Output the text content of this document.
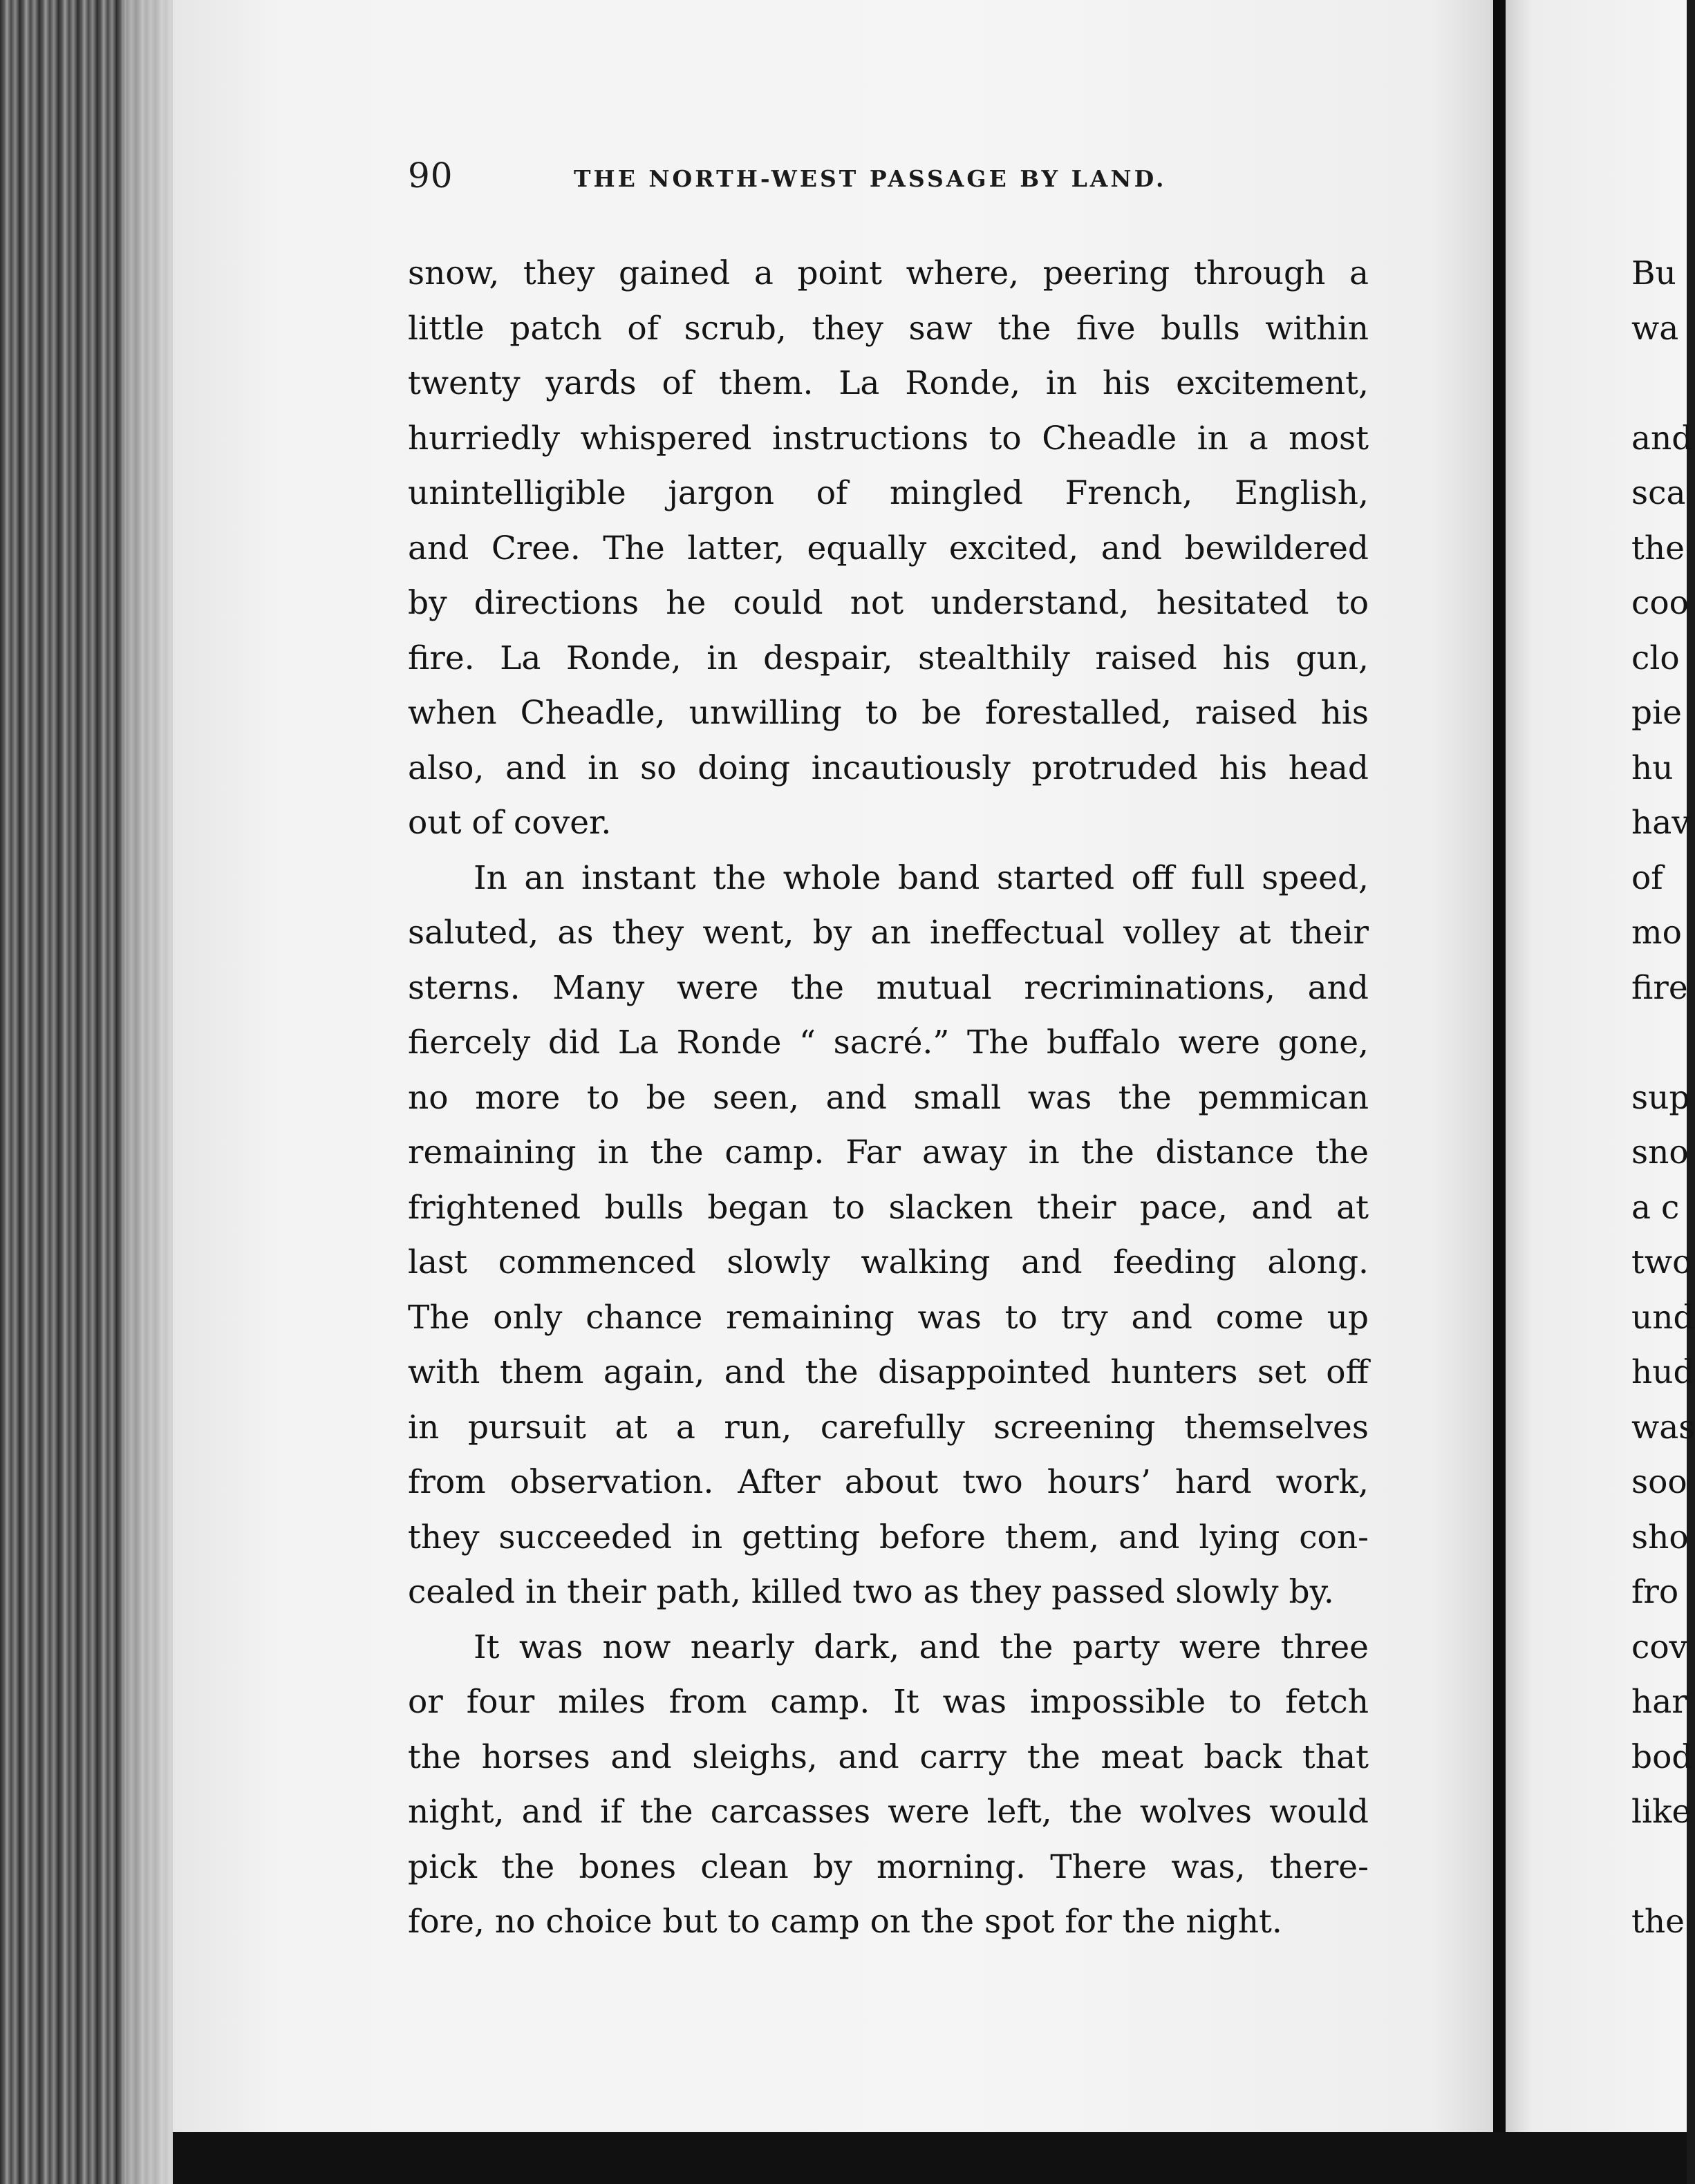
90	THE NORTH-WEST PASSAGE BY LAND.
snow, they gained a point where, peering through a
little patch of scrub, they saw the five bulls within
twenty yards of them. La Ronde, in his excitement,
hurriedly whispered instructions to Cheadle in a most
unintelligible jargon of mingled French, English,
and Cree. The latter, equally excited, and bewildered
by directions he could not understand, hesitated to
fire. La Ronde, in despair, stealthily raised his gun,
when Cheadle, unwilling to be forestalled, raised his
also, and in so doing incautiously protruded his head
out of cover.
In an instant the whole band started off full speed,
saluted, as they went, by an ineffectual volley at their
sterns. Many were the mutual recriminations, and
fiercely did La Ronde “ sacré.” The buffalo were gone,
no more to be seen, and small was the pemmican
remaining in the camp. Far away in the distance the
frightened bulls began to slacken their pace, and at
last commenced slowly walking and feeding along.
The only chance remaining was to try and come up
with them again, and the disappointed hunters set off
in pursuit at a run, carefully screening themselves
from observation. After about two hours’ hard work,
they succeeded in getting before them, and lying con-
cealed in their path, killed two as they passed slowly by.
It was now nearly dark, and the party were three
or four miles from camp. It was impossible to fetch
the horses and sleighs, and carry the meat back that
night, and if the carcasses were left, the wolves would
pick the bones clean by morning. There was, there-
fore, no choice but to camp on the spot for the night.
Bu
wa
and
sca
the
coo
clo
pie
hu
hav
of
mo
fire
sup
sno
a c
two
und
hud
was
soo
sho
fro
cov
har
bod
like
the
